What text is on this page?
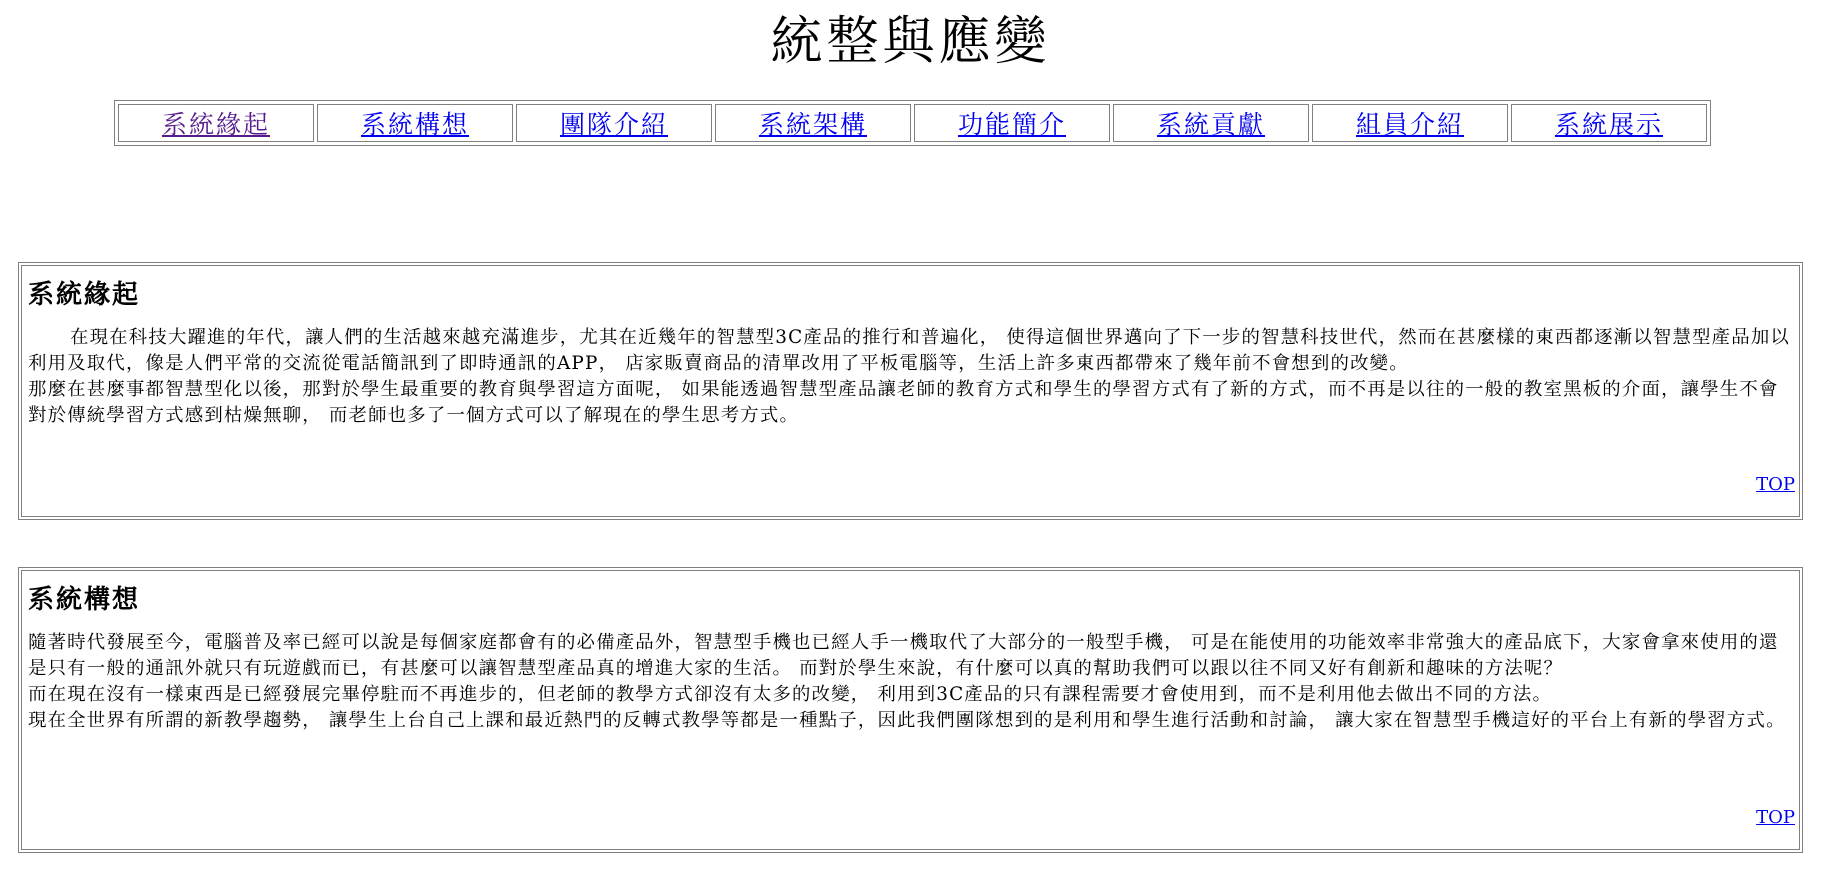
統整與應變
系統緣起	系統構想	團隊介紹	系統架構	功能簡介	系統貢獻	組員介紹	系統展示
系統緣起

在現在科技大躍進的年代，讓人們的生活越來越充滿進步，尤其在近幾年的智慧型3C產品的推行和普遍化， 使得這個世界邁向了下一步的智慧科技世代，然而在甚麼樣的東西都逐漸以智慧型產品加以利用及取代，像是人們平常的交流從電話簡訊到了即時通訊的APP， 店家販賣商品的清單改用了平板電腦等，生活上許多東西都帶來了幾年前不會想到的改變。

那麼在甚麼事都智慧型化以後，那對於學生最重要的教育與學習這方面呢， 如果能透過智慧型產品讓老師的教育方式和學生的學習方式有了新的方式，而不再是以往的一般的教室黑板的介面，讓學生不會對於傳統學習方式感到枯燥無聊， 而老師也多了一個方式可以了解現在的學生思考方式。

TOP
系統構想

隨著時代發展至今，電腦普及率已經可以說是每個家庭都會有的必備產品外，智慧型手機也已經人手一機取代了大部分的一般型手機， 可是在能使用的功能效率非常強大的產品底下，大家會拿來使用的還是只有一般的通訊外就只有玩遊戲而已，有甚麼可以讓智慧型產品真的增進大家的生活。 而對於學生來說，有什麼可以真的幫助我們可以跟以往不同又好有創新和趣味的方法呢？

而在現在沒有一樣東西是已經發展完畢停駐而不再進步的，但老師的教學方式卻沒有太多的改變， 利用到3C產品的只有課程需要才會使用到，而不是利用他去做出不同的方法。

現在全世界有所謂的新教學趨勢， 讓學生上台自己上課和最近熱門的反轉式教學等都是一種點子，因此我們團隊想到的是利用和學生進行活動和討論， 讓大家在智慧型手機這好的平台上有新的學習方式。

TOP
